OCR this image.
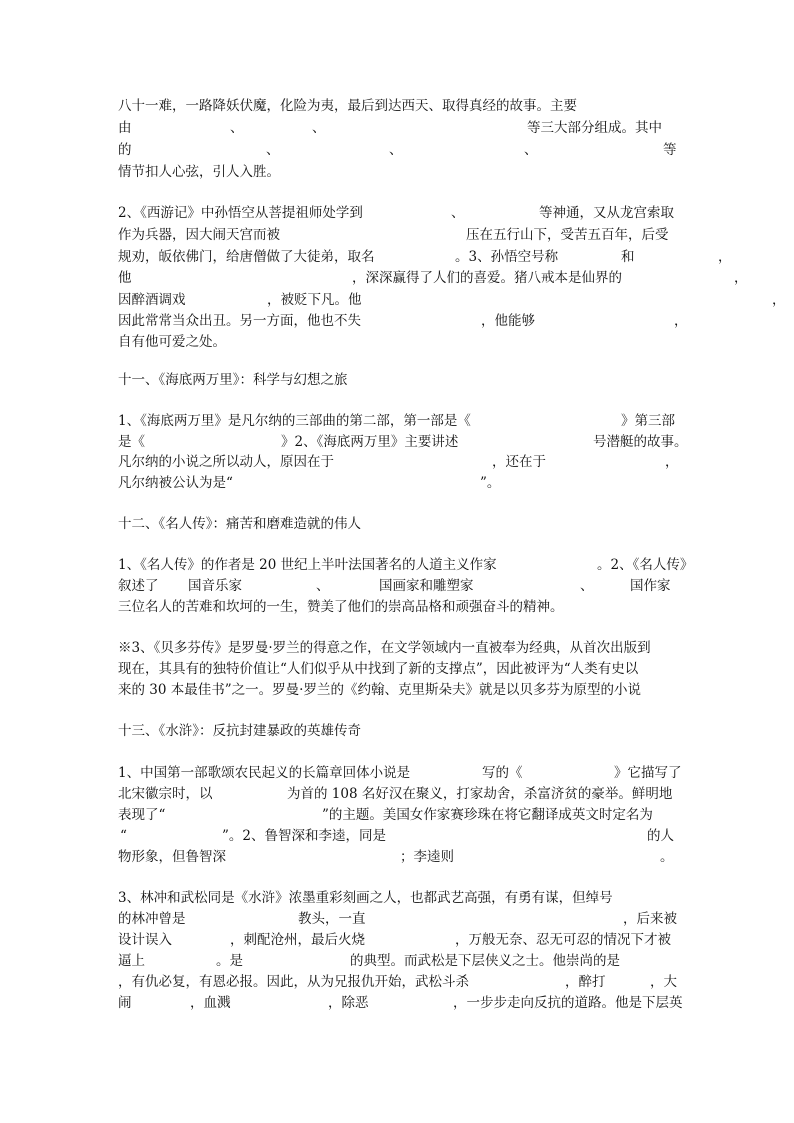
八十一难，一路降妖伏魔，化险为夷，最后到达西天、取得真经的故事。主要
由	、	、	等三大部分组成。其中
的	、	、	、	等
情节扣人心弦，引人入胜。
2、《西游记》中孙悟空从菩提祖师处学到	、	等神通，又从龙宫索取
作为兵器，因大闹天宫而被	压在五行山下，受苦五百年，后受
规劝，皈依佛门，给唐僧做了大徒弟，取名	。3、孙悟空号称	和	，
他	，深深赢得了人们的喜爱。猪八戒本是仙界的	，
因醉酒调戏	，被贬下凡。他	，
因此常常当众出丑。另一方面，他也不失	，他能够	，
自有他可爱之处。
十一、《海底两万里》：科学与幻想之旅
1、《海底两万里》是凡尔纳的三部曲的第二部，第一部是《	》第三部
是《	》2、《海底两万里》主要讲述	号潜艇的故事。
凡尔纳的小说之所以动人，原因在于	，还在于	，
凡尔纳被公认为是“	”。
十二、《名人传》：痛苦和磨难造就的伟人
1、《名人传》的作者是 20 世纪上半叶法国著名的人道主义作家	。2、《名人传》
叙述了 国音乐家	、	国画家和雕塑家	、	国作家
三位名人的苦难和坎坷的一生，赞美了他们的崇高品格和顽强奋斗的精神。
※3、《贝多芬传》是罗曼·罗兰的得意之作，在文学领域内一直被奉为经典，从首次出版到
现在，其具有的独特价值让“人们似乎从中找到了新的支撑点”，因此被评为“人类有史以
来的 30 本最佳书”之一。罗曼·罗兰的《约翰、克里斯朵夫》就是以贝多芬为原型的小说
十三、《水浒》：反抗封建暴政的英雄传奇
1、中国第一部歌颂农民起义的长篇章回体小说是	写的《	》它描写了
北宋徽宗时，以	为首的 108 名好汉在聚义，打家劫舍，杀富济贫的豪举。鲜明地
表现了“	”的主题。美国女作家赛珍珠在将它翻译成英文时定名为
“	”。2、鲁智深和李逵，同是	的人
物形象，但鲁智深	；李逵则	。
3、林冲和武松同是《水浒》浓墨重彩刻画之人，也都武艺高强，有勇有谋，但绰号
的林冲曾是	教头，一直	，后来被
设计误入	，刺配沧州，最后火烧	，万般无奈、忍无可忍的情况下才被
逼上	。是	的典型。而武松是下层侠义之士。他崇尚的是
，有仇必复，有恩必报。因此，从为兄报仇开始，武松斗杀	，醉打	，大
闹	，血溅	，除恶	，一步步走向反抗的道路。他是下层英
